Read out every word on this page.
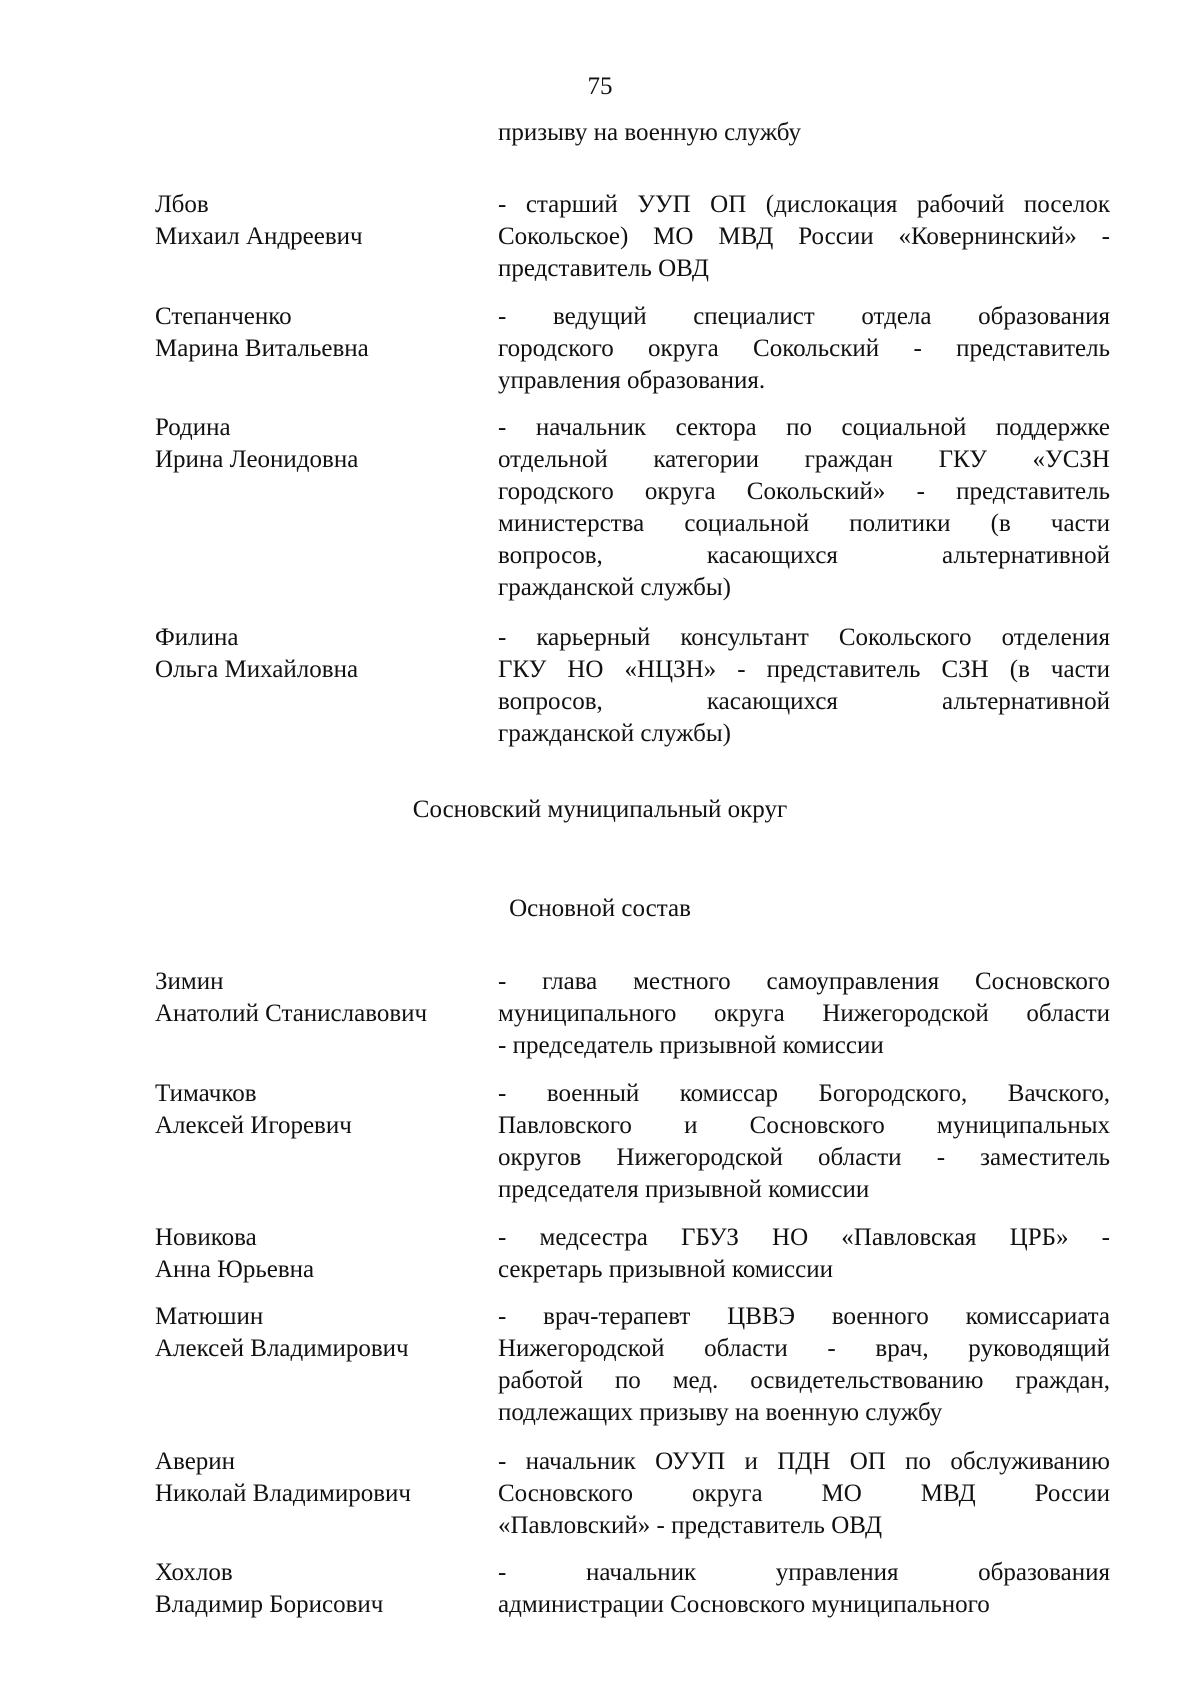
75
призыву на военную службу
Лбов
Михаил Андреевич
- старший УУП ОП (дислокация рабочий поселок
Сокольское) МО МВД России «Ковернинский» -
представитель ОВД
Степанченко
Марина Витальевна
- ведущий специалист отдела образования
городского округа Сокольский - представитель
управления образования.
Родина
Ирина Леонидовна
- начальник сектора по социальной поддержке
отдельной категории граждан ГКУ «УСЗН
городского округа Сокольский» - представитель
министерства социальной политики (в части
вопросов, касающихся альтернативной
гражданской службы)
Филина
Ольга Михайловна
- карьерный консультант Сокольского отделения
ГКУ НО «НЦЗН» - представитель СЗН (в части
вопросов, касающихся альтернативной
гражданской службы)
Сосновский муниципальный округ
Основной состав
Зимин
Анатолий Станиславович
- глава местного самоуправления Сосновского
муниципального округа Нижегородской области
- председатель призывной комиссии
Тимачков
Алексей Игоревич
- военный комиссар Богородского, Вачского,
Павловского и Сосновского муниципальных
округов Нижегородской области - заместитель
председателя призывной комиссии
Новикова
Анна Юрьевна
- медсестра ГБУЗ НО «Павловская ЦРБ» -
секретарь призывной комиссии
Матюшин
Алексей Владимирович
- врач-терапевт ЦВВЭ военного комиссариата
Нижегородской области - врач, руководящий
работой по мед. освидетельствованию граждан,
подлежащих призыву на военную службу
Аверин
Николай Владимирович
- начальник ОУУП и ПДН ОП по обслуживанию
Сосновского округа МО МВД России
«Павловский» - представитель ОВД
Хохлов
Владимир Борисович
- начальник управления образования
администрации Сосновского муниципального
